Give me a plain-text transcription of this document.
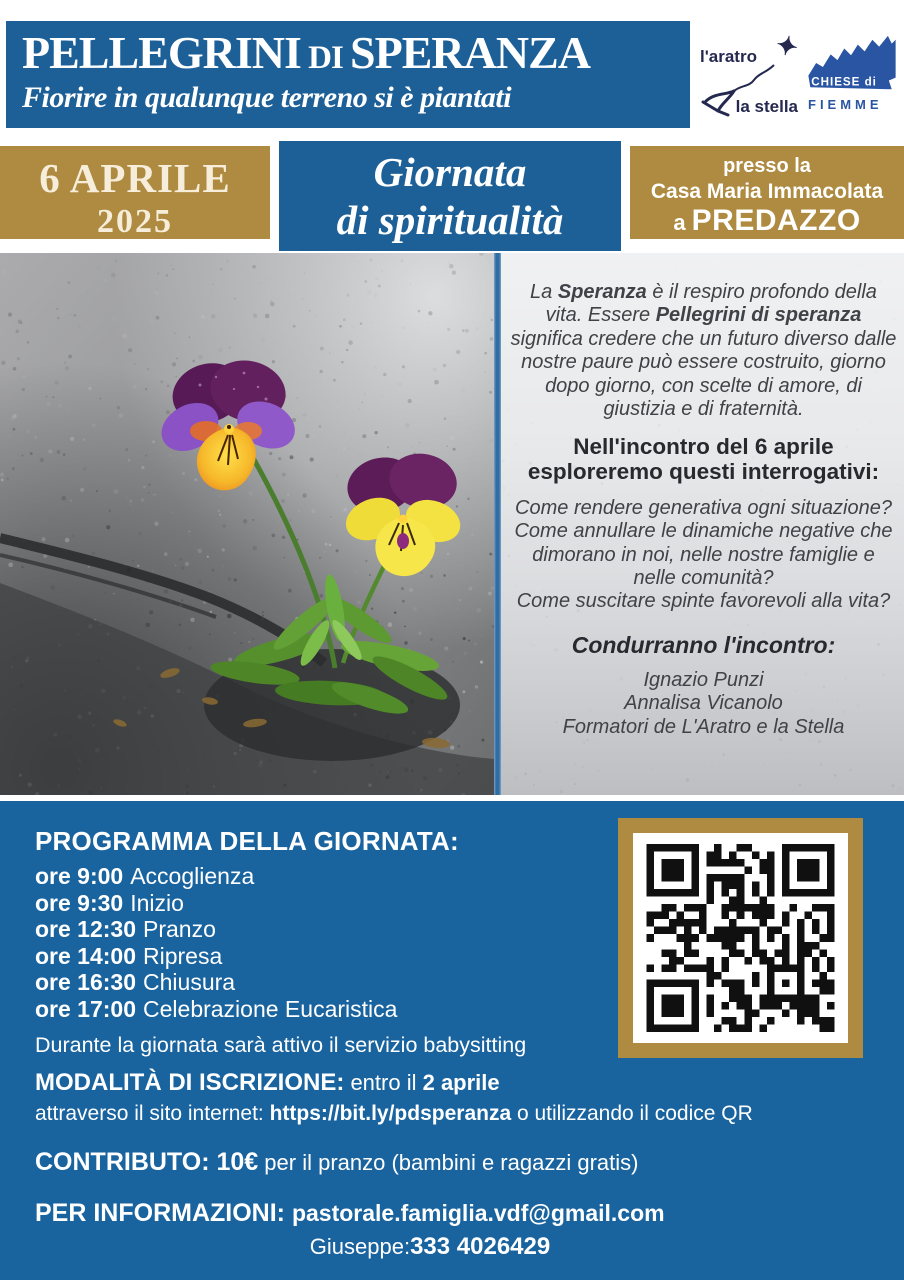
PELLEGRINI DI SPERANZA
Fiorire in qualunque terreno si è piantati
l'aratro ✦
la stella
CHIESE di
FIEMME
6 APRILE
2025
Giornata
di spiritualità
presso la
Casa Maria Immacolata
a PREDAZZO

La Speranza è il respiro profondo della vita. Essere Pellegrini di speranza significa credere che un futuro diverso dalle nostre paure può essere costruito, giorno dopo giorno, con scelte di amore, di giustizia e di fraternità.

Nell'incontro del 6 aprile
esploreremo questi interrogativi:

Come rendere generativa ogni situazione?

Come annullare le dinamiche negative che dimorano in noi, nelle nostre famiglie e nelle comunità?

Come suscitare spinte favorevoli alla vita?

Condurranno l'incontro:

Ignazio Punzi

Annalisa Vicanolo

Formatori de L'Aratro e la Stella

PROGRAMMA DELLA GIORNATA:
ore 9:00 Accoglienza
ore 9:30 Inizio
ore 12:30 Pranzo
ore 14:00 Ripresa
ore 16:30 Chiusura
ore 17:00 Celebrazione Eucaristica
Durante la giornata sarà attivo il servizio babysitting
MODALITÀ DI ISCRIZIONE: entro il 2 aprile
attraverso il sito internet: https://bit.ly/pdsperanza o utilizzando il codice QR
CONTRIBUTO: 10€ per il pranzo (bambini e ragazzi gratis)
PER INFORMAZIONI: pastorale.famiglia.vdf@gmail.com
Giuseppe:333 4026429
